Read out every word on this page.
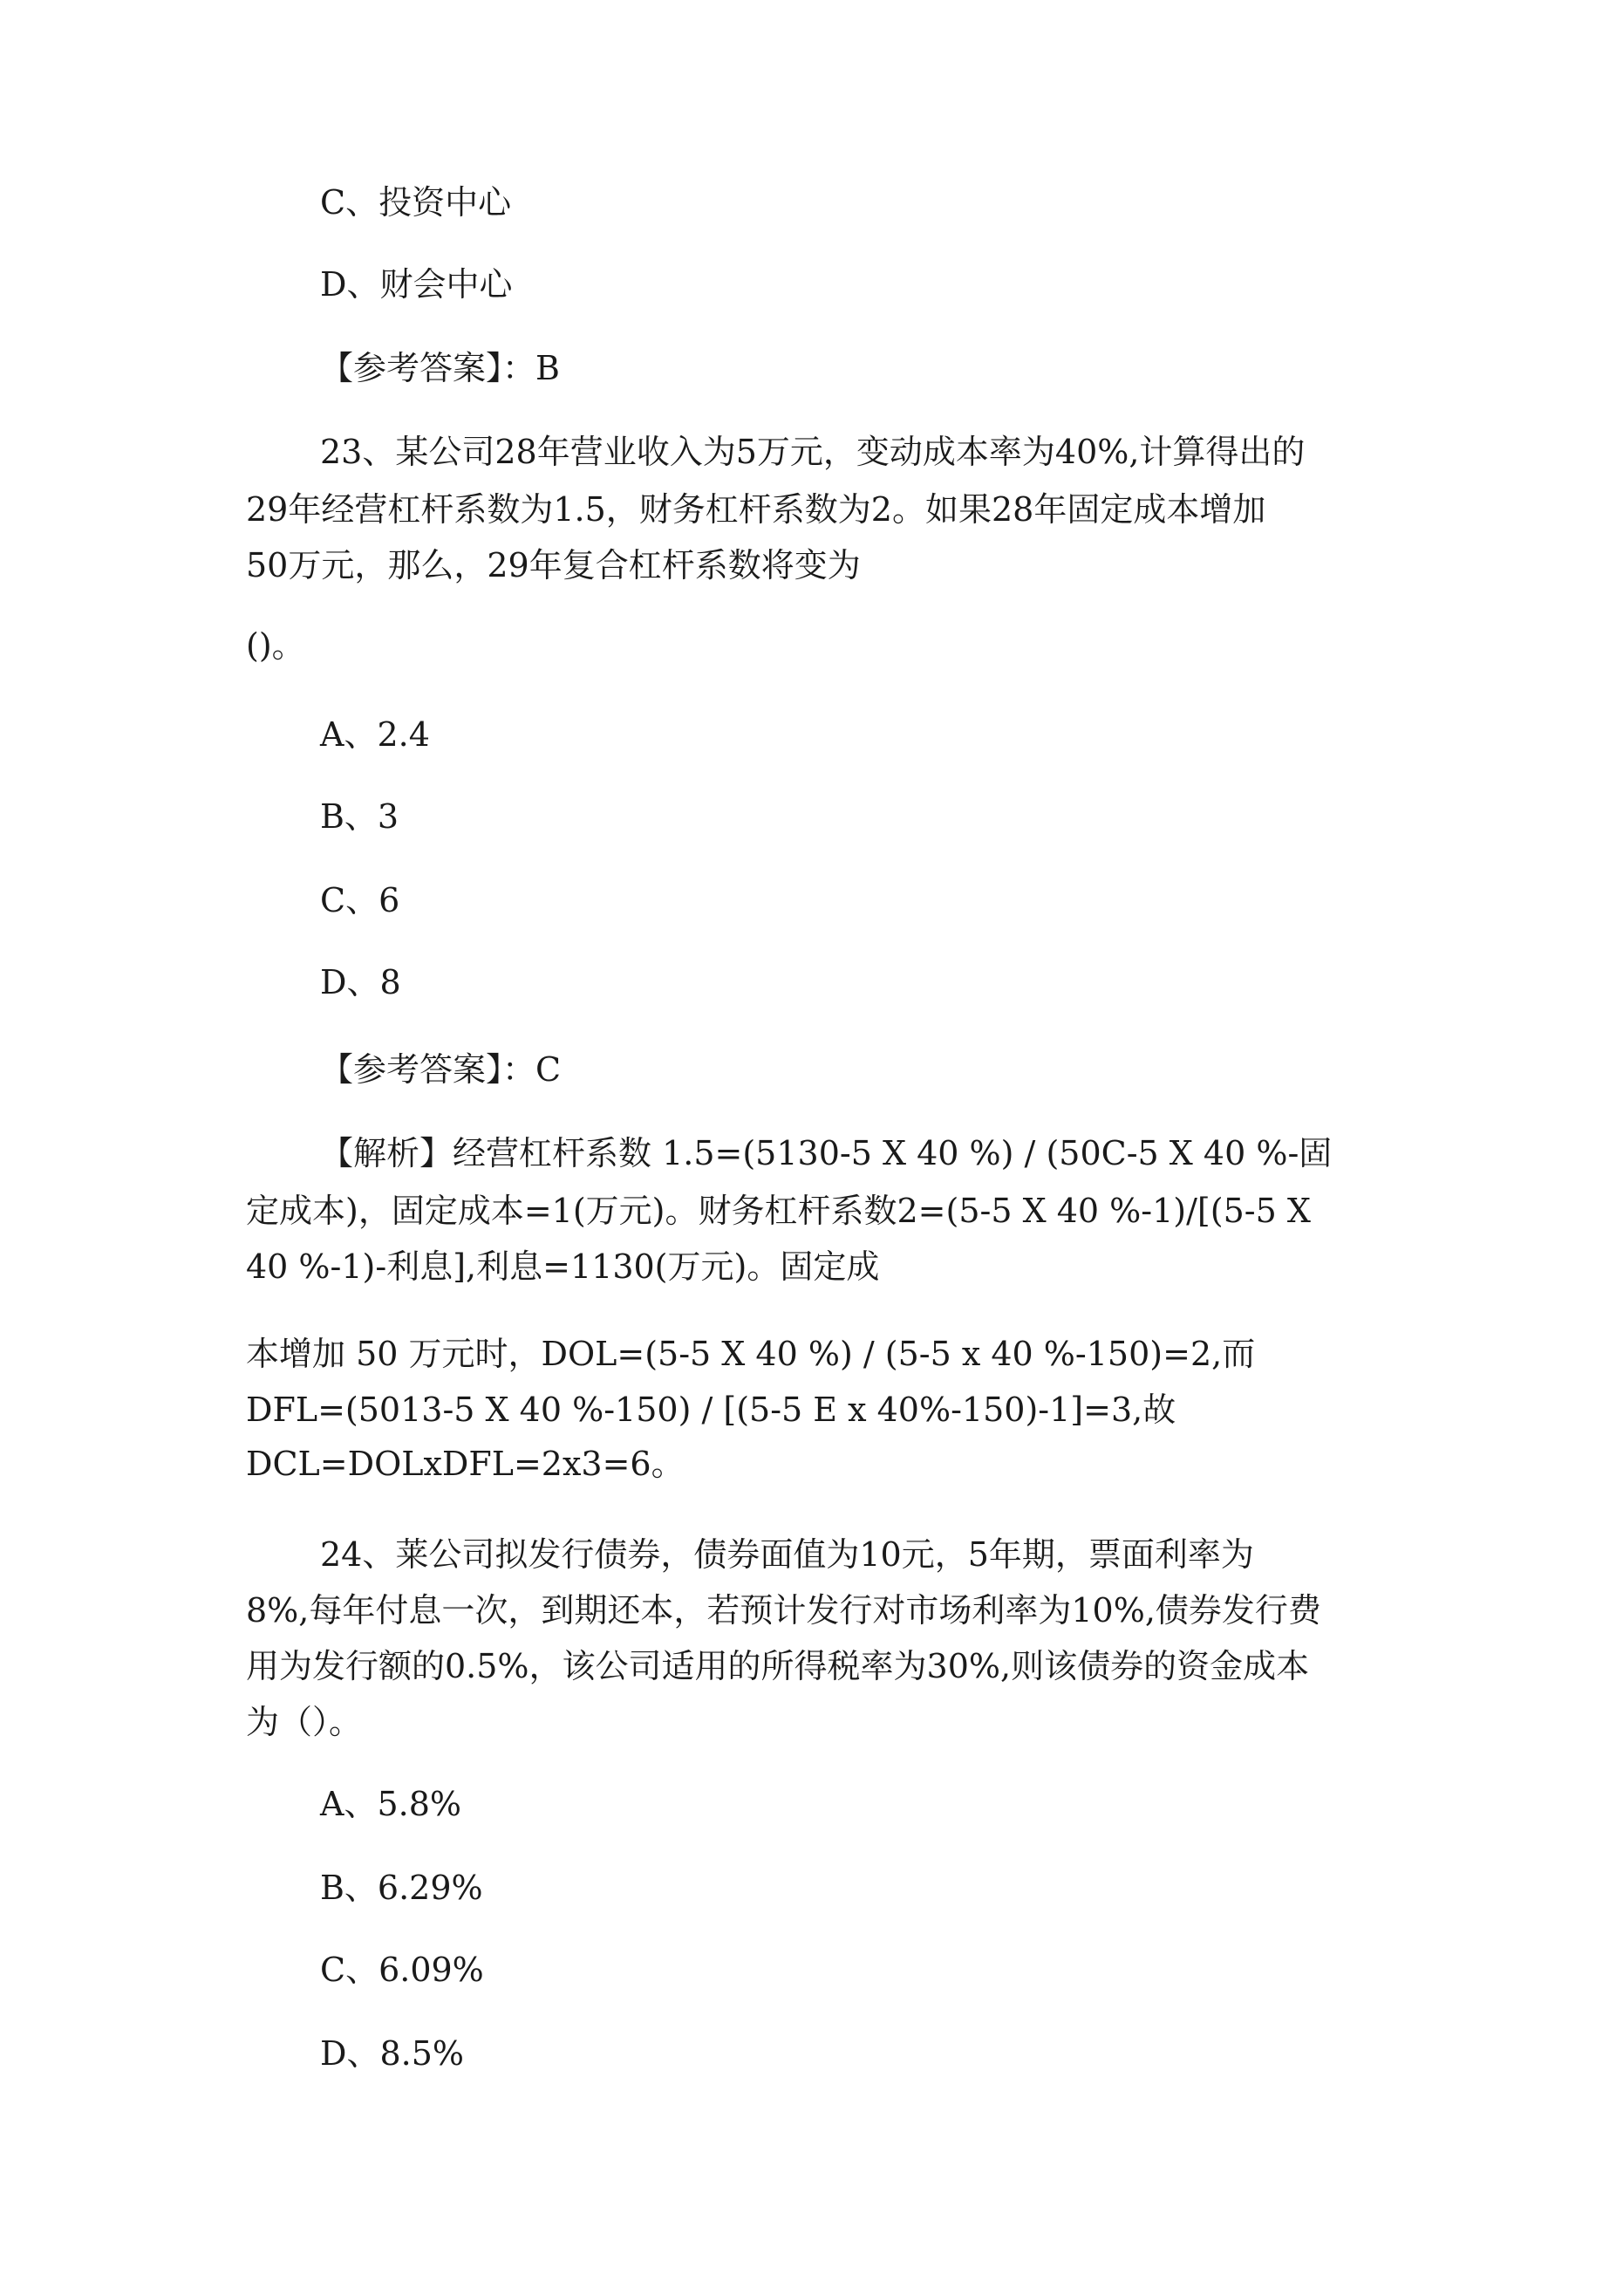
C、投资中心

D、财会中心

【参考答案】：B

23、某公司28年营业收入为5万元，变动成本率为40%,计算得出的

29年经营杠杆系数为1.5，财务杠杆系数为2。如果28年固定成本增加

50万元，那么，29年复合杠杆系数将变为

()。

A、2.4

B、3

C、6

D、8

【参考答案】：C

【解析】经营杠杆系数 1.5=(5130-5 X 40 %) / (50C-5 X 40 %-固

定成本)，固定成本=1(万元)。财务杠杆系数2=(5-5 X 40 %-1)/[(5-5 X

40 %-1)-利息],利息=1130(万元)。固定成

本增加 50 万元时，DOL=(5-5 X 40 %) / (5-5 x 40 %-150)=2,而

DFL=(5013-5 X 40 %-150) / [(5-5 E x 40%-150)-1]=3,故

DCL=DOLxDFL=2x3=6。

24、莱公司拟发行债券，债券面值为10元，5年期，票面利率为

8%,每年付息一次，到期还本，若预计发行对市场利率为10%,债券发行费

用为发行额的0.5%，该公司适用的所得税率为30%,则该债券的资金成本

为（）。

A、5.8%

B、6.29%

C、6.09%

D、8.5%
